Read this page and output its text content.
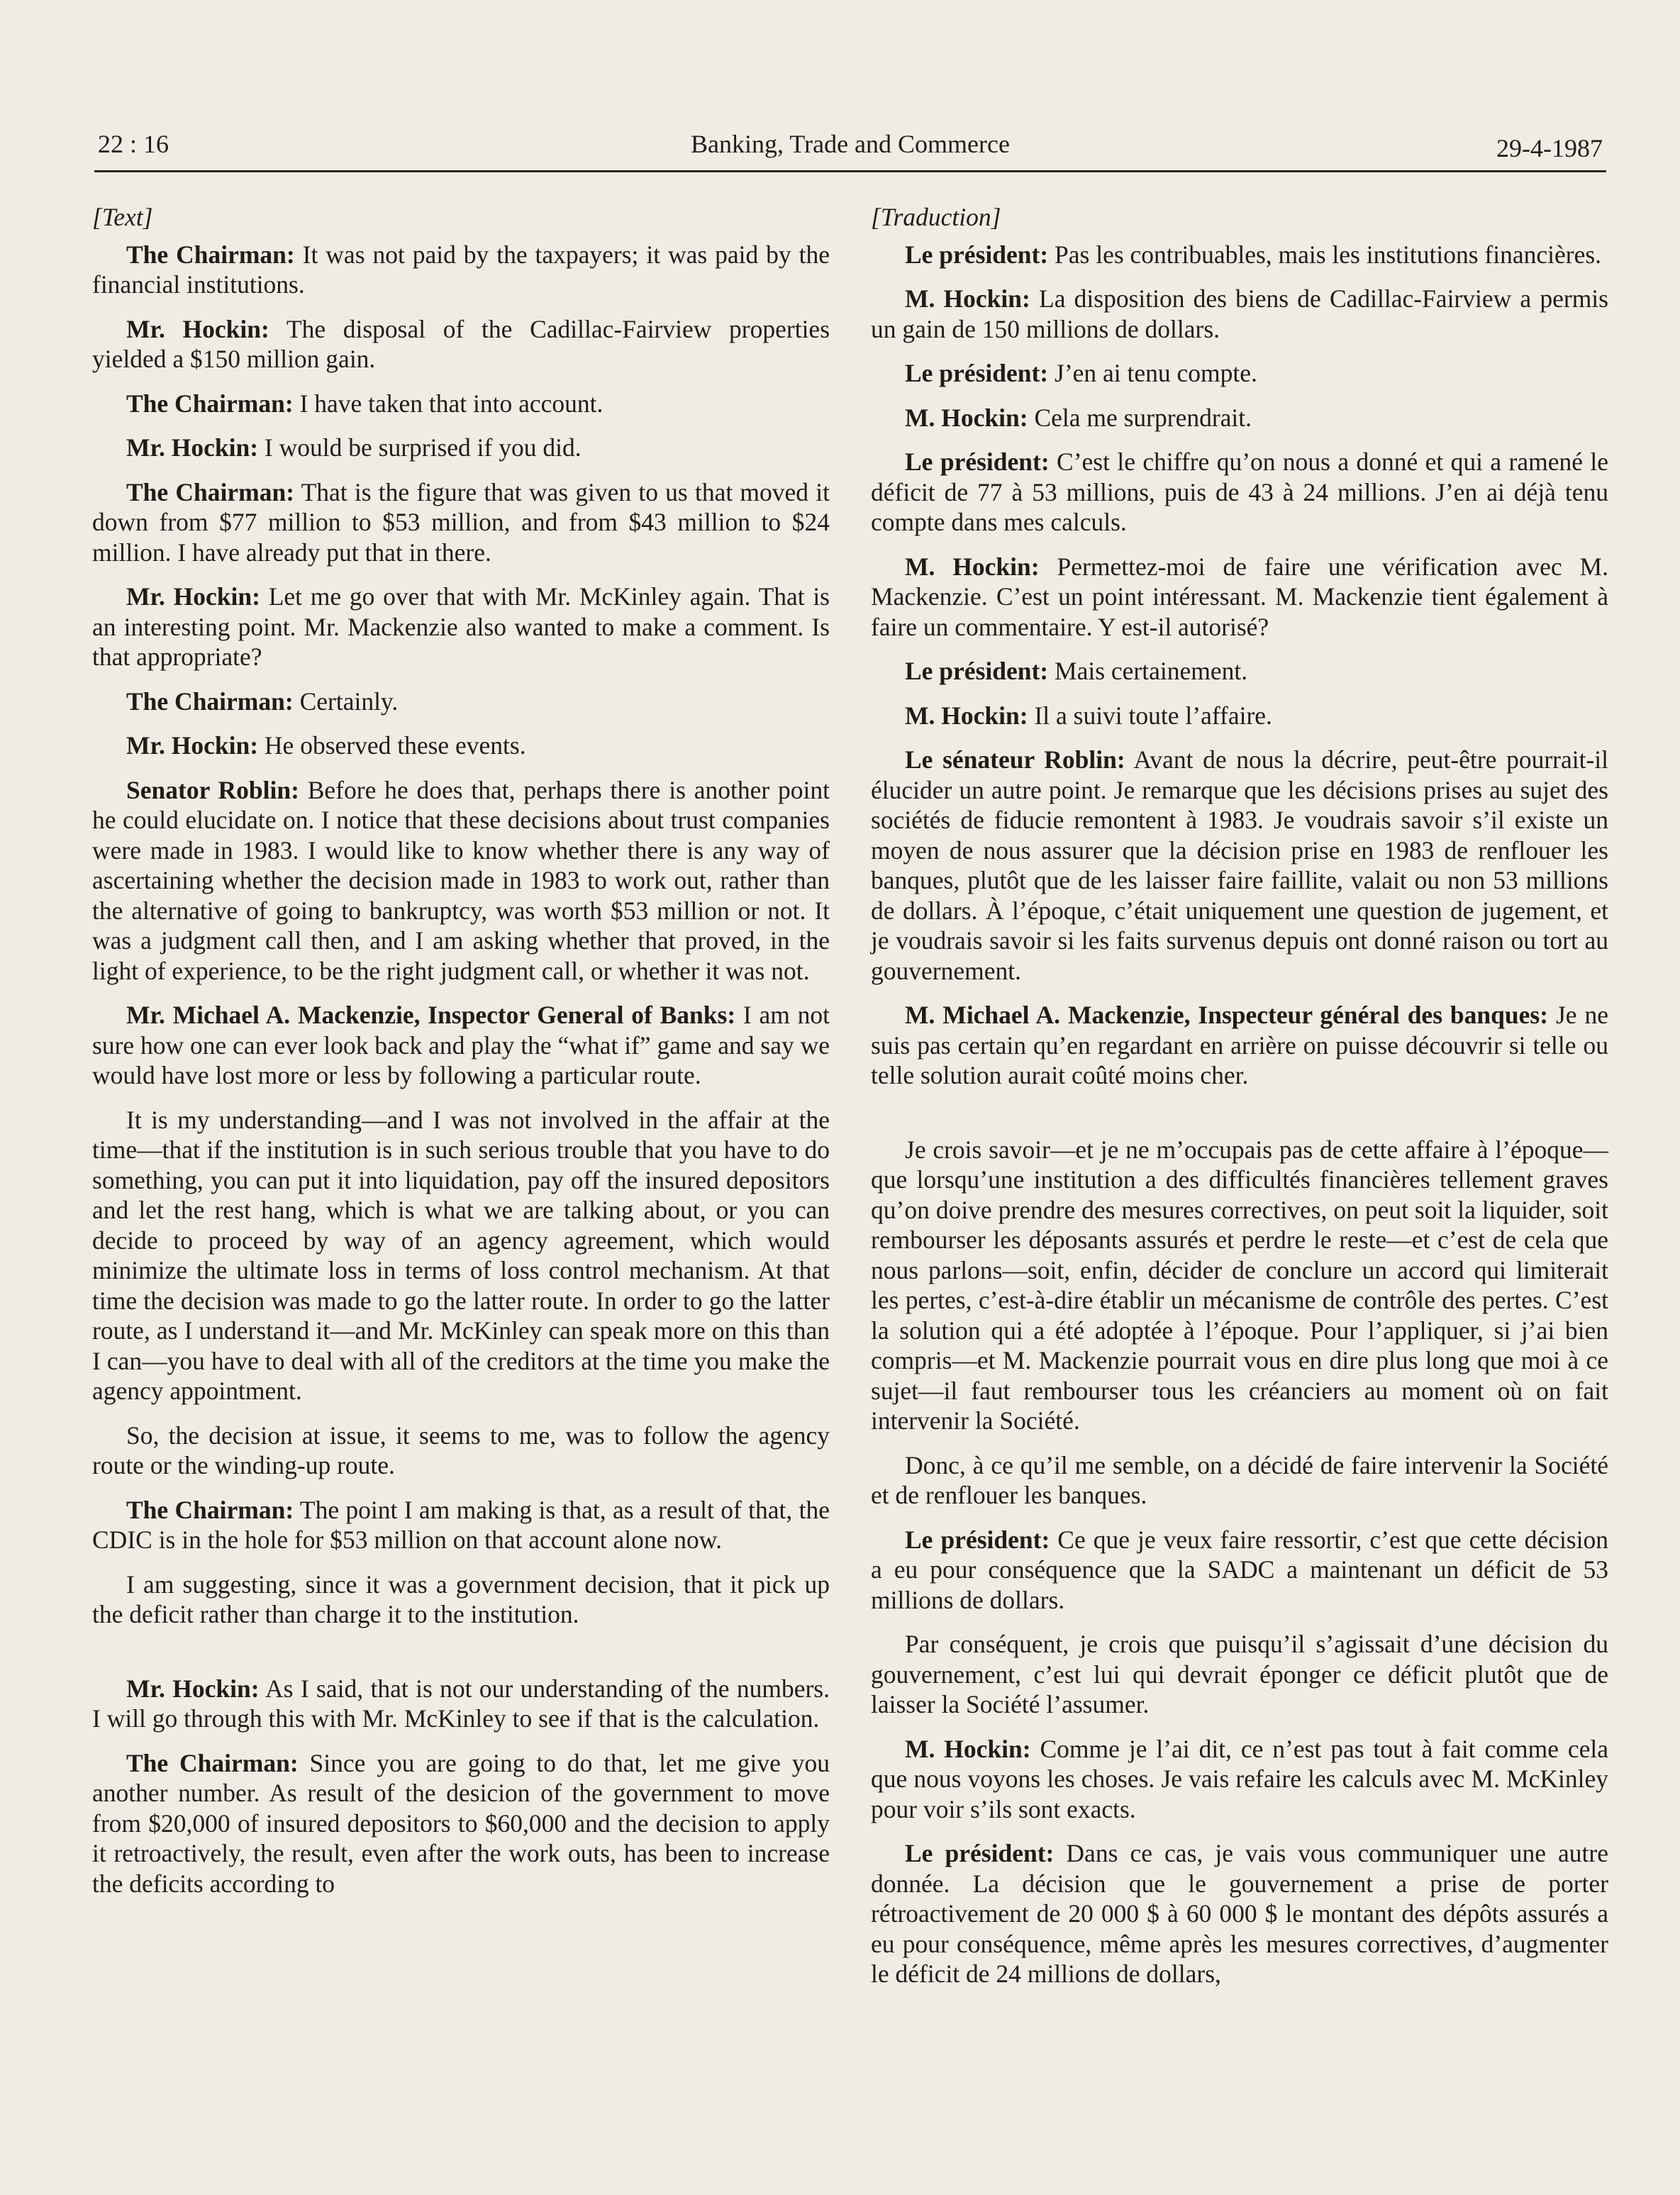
22 : 16	Banking, Trade and Commerce	29-4-1987

[Text]

The Chairman: It was not paid by the taxpayers; it was paid by the financial institutions.

Mr. Hockin: The disposal of the Cadillac-Fairview properties yielded a $150 million gain.

The Chairman: I have taken that into account.

Mr. Hockin: I would be surprised if you did.

The Chairman: That is the figure that was given to us that moved it down from $77 million to $53 million, and from $43 million to $24 million. I have already put that in there.

Mr. Hockin: Let me go over that with Mr. McKinley again. That is an interesting point. Mr. Mackenzie also wanted to make a comment. Is that appropriate?

The Chairman: Certainly.

Mr. Hockin: He observed these events.

Senator Roblin: Before he does that, perhaps there is another point he could elucidate on. I notice that these decisions about trust companies were made in 1983. I would like to know whether there is any way of ascertaining whether the decision made in 1983 to work out, rather than the alternative of going to bankruptcy, was worth $53 million or not. It was a judgment call then, and I am asking whether that proved, in the light of experience, to be the right judgment call, or whether it was not.

Mr. Michael A. Mackenzie, Inspector General of Banks: I am not sure how one can ever look back and play the “what if” game and say we would have lost more or less by following a particular route.

It is my understanding—and I was not involved in the affair at the time—that if the institution is in such serious trouble that you have to do something, you can put it into liquidation, pay off the insured depositors and let the rest hang, which is what we are talking about, or you can decide to proceed by way of an agency agreement, which would minimize the ultimate loss in terms of loss control mechanism. At that time the decision was made to go the latter route. In order to go the latter route, as I understand it—and Mr. McKinley can speak more on this than I can—you have to deal with all of the creditors at the time you make the agency appointment.

So, the decision at issue, it seems to me, was to follow the agency route or the winding-up route.

The Chairman: The point I am making is that, as a result of that, the CDIC is in the hole for $53 million on that account alone now.

I am suggesting, since it was a government decision, that it pick up the deficit rather than charge it to the institution.

Mr. Hockin: As I said, that is not our understanding of the numbers. I will go through this with Mr. McKinley to see if that is the calculation.

The Chairman: Since you are going to do that, let me give you another number. As result of the desicion of the government to move from $20,000 of insured depositors to $60,000 and the decision to apply it retroactively, the result, even after the work outs, has been to increase the deficits according to

[Traduction]

Le président: Pas les contribuables, mais les institutions financières.

M. Hockin: La disposition des biens de Cadillac-Fairview a permis un gain de 150 millions de dollars.

Le président: J’en ai tenu compte.

M. Hockin: Cela me surprendrait.

Le président: C’est le chiffre qu’on nous a donné et qui a ramené le déficit de 77 à 53 millions, puis de 43 à 24 millions. J’en ai déjà tenu compte dans mes calculs.

M. Hockin: Permettez-moi de faire une vérification avec M. Mackenzie. C’est un point intéressant. M. Mackenzie tient également à faire un commentaire. Y est-il autorisé?

Le président: Mais certainement.

M. Hockin: Il a suivi toute l’affaire.

Le sénateur Roblin: Avant de nous la décrire, peut-être pourrait-il élucider un autre point. Je remarque que les décisions prises au sujet des sociétés de fiducie remontent à 1983. Je voudrais savoir s’il existe un moyen de nous assurer que la décision prise en 1983 de renflouer les banques, plutôt que de les laisser faire faillite, valait ou non 53 millions de dollars. À l’époque, c’était uniquement une question de jugement, et je voudrais savoir si les faits survenus depuis ont donné raison ou tort au gouvernement.

M. Michael A. Mackenzie, Inspecteur général des banques: Je ne suis pas certain qu’en regardant en arrière on puisse découvrir si telle ou telle solution aurait coûté moins cher.

Je crois savoir—et je ne m’occupais pas de cette affaire à l’époque—que lorsqu’une institution a des difficultés financières tellement graves qu’on doive prendre des mesures correctives, on peut soit la liquider, soit rembourser les déposants assurés et perdre le reste—et c’est de cela que nous parlons—soit, enfin, décider de conclure un accord qui limiterait les pertes, c’est-à-dire établir un mécanisme de contrôle des pertes. C’est la solution qui a été adoptée à l’époque. Pour l’appliquer, si j’ai bien compris—et M. Mackenzie pourrait vous en dire plus long que moi à ce sujet—il faut rembourser tous les créanciers au moment où on fait intervenir la Société.

Donc, à ce qu’il me semble, on a décidé de faire intervenir la Société et de renflouer les banques.

Le président: Ce que je veux faire ressortir, c’est que cette décision a eu pour conséquence que la SADC a maintenant un déficit de 53 millions de dollars.

Par conséquent, je crois que puisqu’il s’agissait d’une décision du gouvernement, c’est lui qui devrait éponger ce déficit plutôt que de laisser la Société l’assumer.

M. Hockin: Comme je l’ai dit, ce n’est pas tout à fait comme cela que nous voyons les choses. Je vais refaire les calculs avec M. McKinley pour voir s’ils sont exacts.

Le président: Dans ce cas, je vais vous communiquer une autre donnée. La décision que le gouvernement a prise de porter rétroactivement de 20 000 $ à 60 000 $ le montant des dépôts assurés a eu pour conséquence, même après les mesures correctives, d’augmenter le déficit de 24 millions de dollars,
